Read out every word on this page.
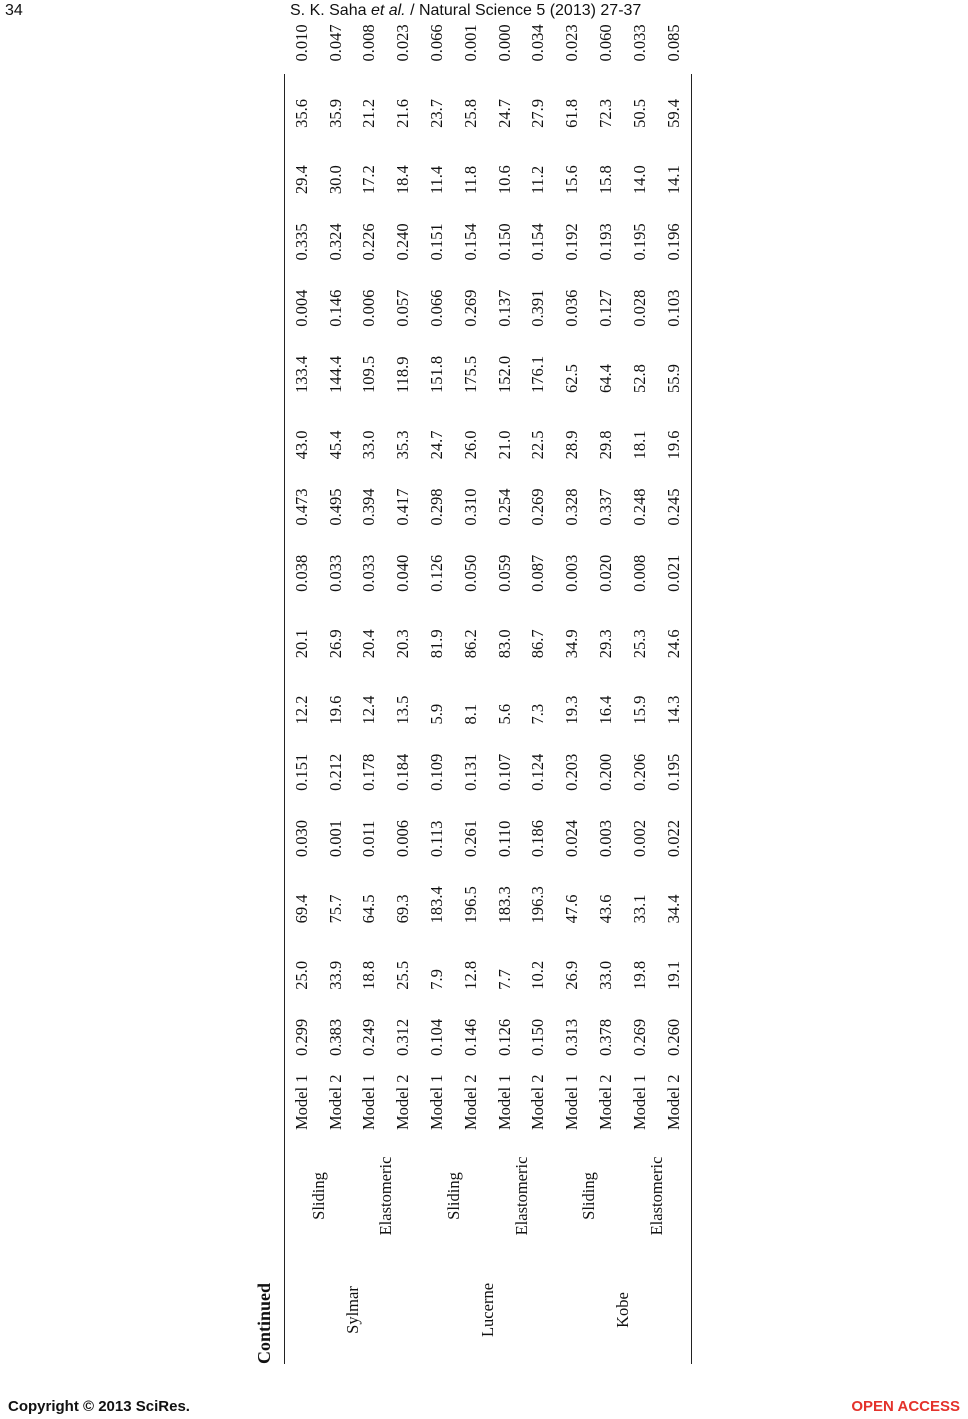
34	S. K. Saha et al. / Natural Science 5 (2013) 27-37
Continued	Sylmar	Sliding	Model 1	0.299	25.0	69.4	0.030	0.151	12.2	20.1	0.038	0.473	43.0	133.4	0.004	0.335	29.4	35.6	0.010
		Model 2	0.383	33.9	75.7	0.001	0.212	19.6	26.9	0.033	0.495	45.4	144.4	0.146	0.324	30.0	35.9	0.047
	Elastomeric	Model 1	0.249	18.8	64.5	0.011	0.178	12.4	20.4	0.033	0.394	33.0	109.5	0.006	0.226	17.2	21.2	0.008
		Model 2	0.312	25.5	69.3	0.006	0.184	13.5	20.3	0.040	0.417	35.3	118.9	0.057	0.240	18.4	21.6	0.023
Lucerne	Sliding	Model 1	0.104	7.9	183.4	0.113	0.109	5.9	81.9	0.126	0.298	24.7	151.8	0.066	0.151	11.4	23.7	0.066
		Model 2	0.146	12.8	196.5	0.261	0.131	8.1	86.2	0.050	0.310	26.0	175.5	0.269	0.154	11.8	25.8	0.001
	Elastomeric	Model 1	0.126	7.7	183.3	0.110	0.107	5.6	83.0	0.059	0.254	21.0	152.0	0.137	0.150	10.6	24.7	0.000
		Model 2	0.150	10.2	196.3	0.186	0.124	7.3	86.7	0.087	0.269	22.5	176.1	0.391	0.154	11.2	27.9	0.034
Kobe	Sliding	Model 1	0.313	26.9	47.6	0.024	0.203	19.3	34.9	0.003	0.328	28.9	62.5	0.036	0.192	15.6	61.8	0.023
		Model 2	0.378	33.0	43.6	0.003	0.200	16.4	29.3	0.020	0.337	29.8	64.4	0.127	0.193	15.8	72.3	0.060
	Elastomeric	Model 1	0.269	19.8	33.1	0.002	0.206	15.9	25.3	0.008	0.248	18.1	52.8	0.028	0.195	14.0	50.5	0.033
		Model 2	0.260	19.1	34.4	0.022	0.195	14.3	24.6	0.021	0.245	19.6	55.9	0.103	0.196	14.1	59.4	0.085
Copyright © 2013 SciRes.	OPEN ACCESS
